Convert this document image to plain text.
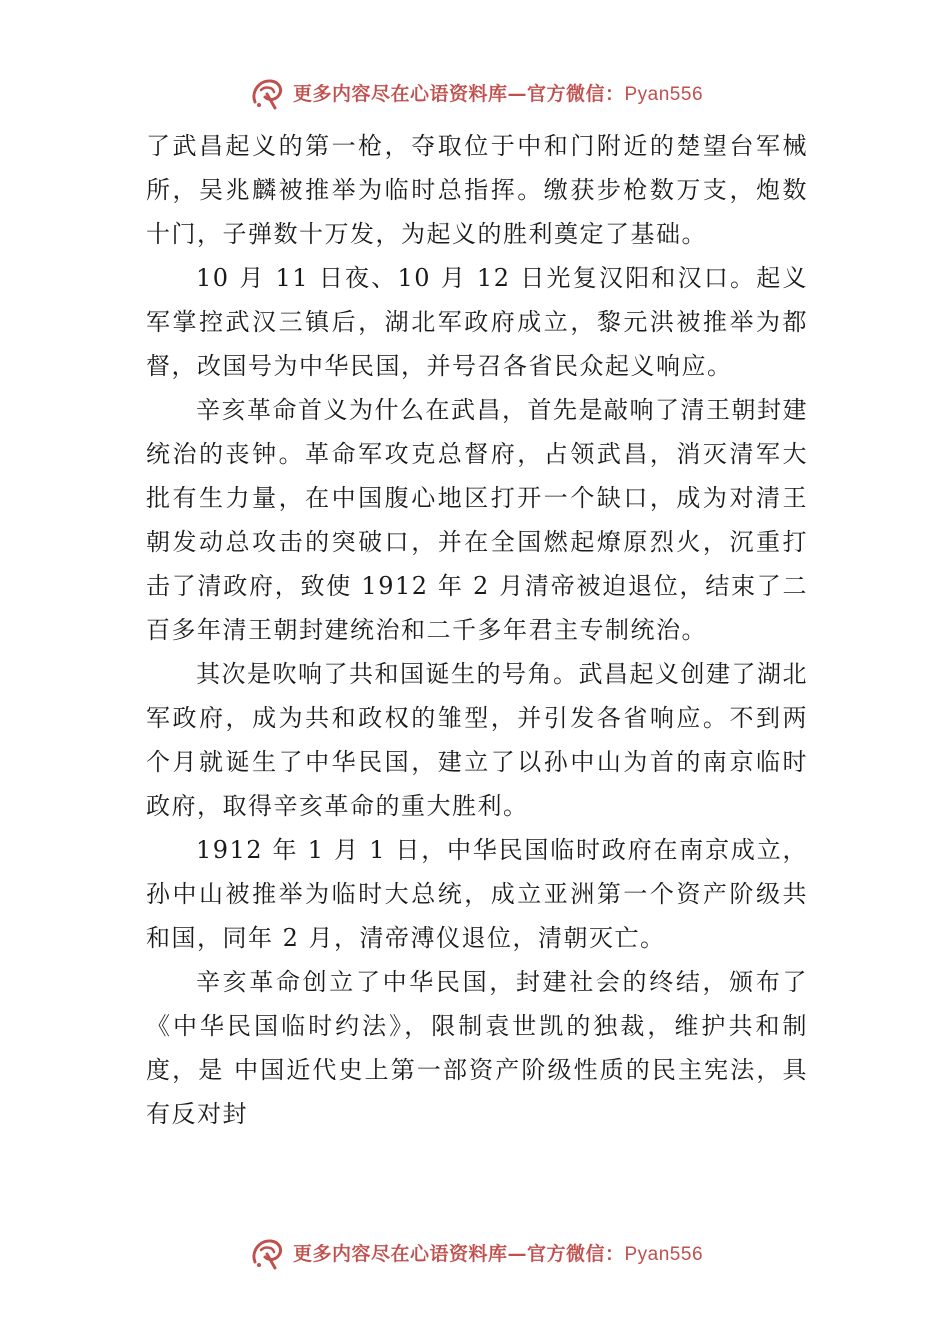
更多内容尽在心语资料库—官方微信：Pyan556

了武昌起义的第一枪，夺取位于中和门附近的楚望台军械所，吴兆麟被推举为临时总指挥。缴获步枪数万支，炮数十门，子弹数十万发，为起义的胜利奠定了基础。

10 月 11 日夜、10 月 12 日光复汉阳和汉口。起义军掌控武汉三镇后，湖北军政府成立，黎元洪被推举为都督，改国号为中华民国，并号召各省民众起义响应。

辛亥革命首义为什么在武昌，首先是敲响了清王朝封建统治的丧钟。革命军攻克总督府，占领武昌，消灭清军大批有生力量，在中国腹心地区打开一个缺口，成为对清王朝发动总攻击的突破口，并在全国燃起燎原烈火，沉重打击了清政府，致使 1912 年 2 月清帝被迫退位，结束了二百多年清王朝封建统治和二千多年君主专制统治。

其次是吹响了共和国诞生的号角。武昌起义创建了湖北军政府，成为共和政权的雏型，并引发各省响应。不到两个月就诞生了中华民国，建立了以孙中山为首的南京临时政府，取得辛亥革命的重大胜利。

1912 年 1 月 1 日，中华民国临时政府在南京成立，孙中山被推举为临时大总统，成立亚洲第一个资产阶级共和国，同年 2 月，清帝溥仪退位，清朝灭亡。

辛亥革命创立了中华民国，封建社会的终结，颁布了《中华民国临时约法》，限制袁世凯的独裁，维护共和制度，是 中国近代史上第一部资产阶级性质的民主宪法，具有反对封

更多内容尽在心语资料库—官方微信：Pyan556
